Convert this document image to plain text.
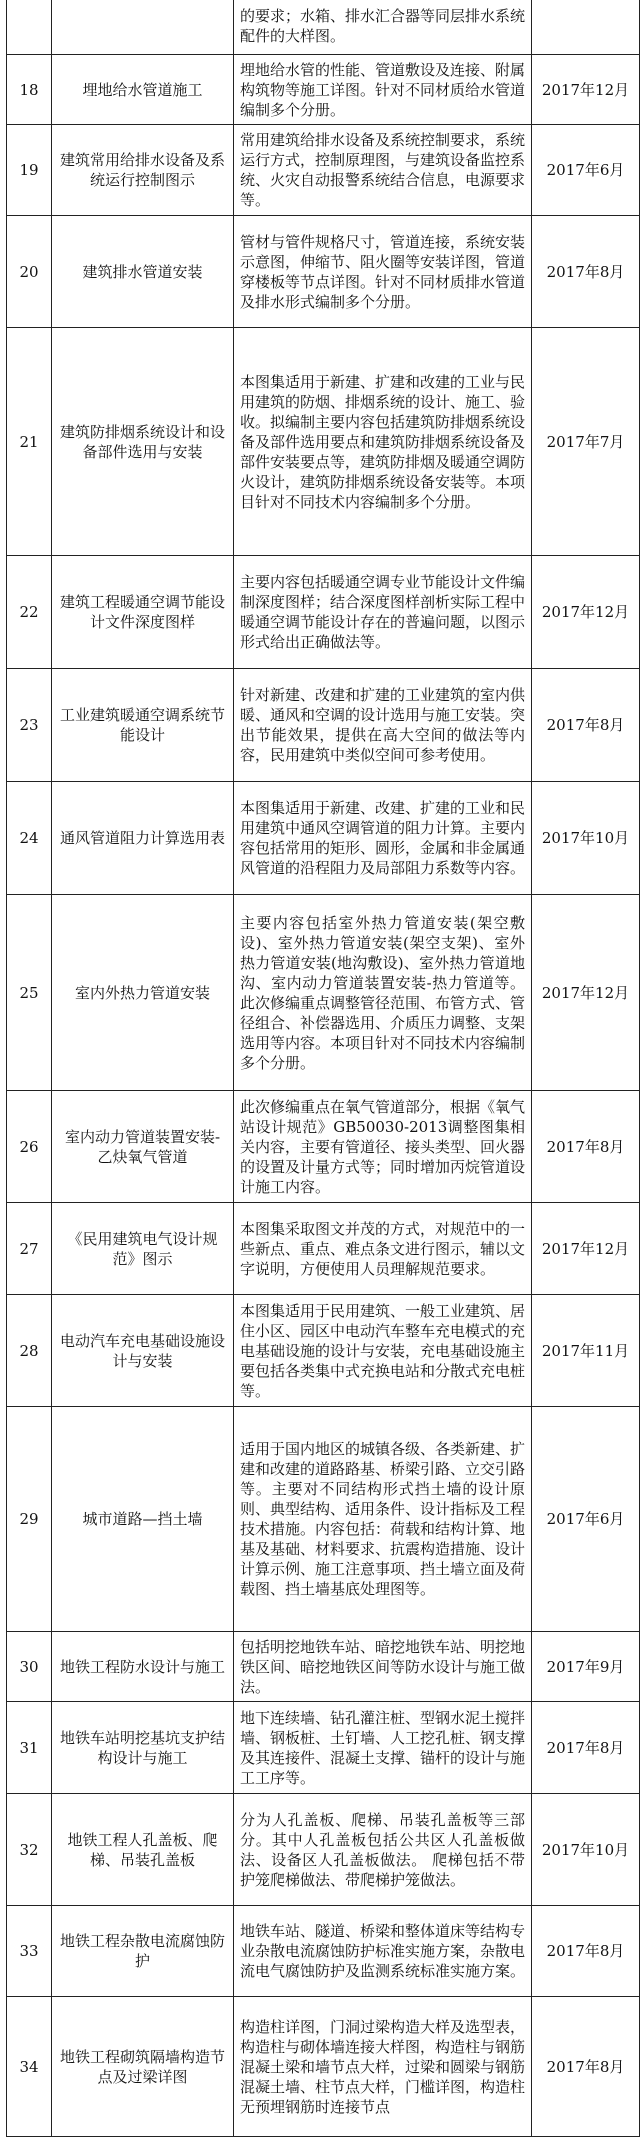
		的要求；水箱、排水汇合器等同层排水系统配件的大样图。	
18	埋地给水管道施工	埋地给水管的性能、管道敷设及连接、附属构筑物等施工详图。针对不同材质给水管道编制多个分册。	2017年12月
19	建筑常用给排水设备及系统运行控制图示	常用建筑给排水设备及系统控制要求，系统运行方式，控制原理图，与建筑设备监控系统、火灾自动报警系统结合信息，电源要求等。	2017年6月
20	建筑排水管道安装	管材与管件规格尺寸，管道连接，系统安装示意图，伸缩节、阻火圈等安装详图，管道穿楼板等节点详图。针对不同材质排水管道及排水形式编制多个分册。	2017年8月
21	建筑防排烟系统设计和设备部件选用与安装	本图集适用于新建、扩建和改建的工业与民用建筑的防烟、排烟系统的设计、施工、验收。拟编制主要内容包括建筑防排烟系统设备及部件选用要点和建筑防排烟系统设备及部件安装要点等，建筑防排烟及暖通空调防火设计，建筑防排烟系统设备安装等。本项目针对不同技术内容编制多个分册。	2017年7月
22	建筑工程暖通空调节能设计文件深度图样	主要内容包括暖通空调专业节能设计文件编制深度图样；结合深度图样剖析实际工程中暖通空调节能设计存在的普遍问题，以图示形式给出正确做法等。	2017年12月
23	工业建筑暖通空调系统节能设计	针对新建、改建和扩建的工业建筑的室内供暖、通风和空调的设计选用与施工安装。突出节能效果，提供在高大空间的做法等内容，民用建筑中类似空间可参考使用。	2017年8月
24	通风管道阻力计算选用表	本图集适用于新建、改建、扩建的工业和民用建筑中通风空调管道的阻力计算。主要内容包括常用的矩形、圆形，金属和非金属通风管道的沿程阻力及局部阻力系数等内容。	2017年10月
25	室内外热力管道安装	主要内容包括室外热力管道安装(架空敷设)、室外热力管道安装(架空支架)、室外热力管道安装(地沟敷设)、室外热力管道地沟、室内动力管道装置安装-热力管道等。此次修编重点调整管径范围、布管方式、管径组合、补偿器选用、介质压力调整、支架选用等内容。本项目针对不同技术内容编制多个分册。	2017年12月
26	室内动力管道装置安装-乙炔氧气管道	此次修编重点在氧气管道部分，根据《氧气站设计规范》GB50030-2013调整图集相关内容，主要有管道径、接头类型、回火器的设置及计量方式等；同时增加丙烷管道设计施工内容。	2017年8月
27	《民用建筑电气设计规范》图示	本图集采取图文并茂的方式，对规范中的一些新点、重点、难点条文进行图示，辅以文字说明，方便使用人员理解规范要求。	2017年12月
28	电动汽车充电基础设施设计与安装	本图集适用于民用建筑、一般工业建筑、居住小区、园区中电动汽车整车充电模式的充电基础设施的设计与安装，充电基础设施主要包括各类集中式充换电站和分散式充电桩等。	2017年11月
29	城市道路—挡土墙	适用于国内地区的城镇各级、各类新建、扩建和改建的道路路基、桥梁引路、立交引路等。主要对不同结构形式挡土墙的设计原则、典型结构、适用条件、设计指标及工程技术措施。内容包括：荷载和结构计算、地基及基础、材料要求、抗震构造措施、设计计算示例、施工注意事项、挡土墙立面及荷载图、挡土墙基底处理图等。	2017年6月
30	地铁工程防水设计与施工	包括明挖地铁车站、暗挖地铁车站、明挖地铁区间、暗挖地铁区间等防水设计与施工做法。	2017年9月
31	地铁车站明挖基坑支护结构设计与施工	地下连续墙、钻孔灌注桩、型钢水泥土搅拌墙、钢板桩、土钉墙、人工挖孔桩、钢支撑及其连接件、混凝土支撑、锚杆的设计与施工工序等。	2017年8月
32	地铁工程人孔盖板、爬梯、吊装孔盖板	分为人孔盖板、爬梯、吊装孔盖板等三部分。其中人孔盖板包括公共区人孔盖板做法、设备区人孔盖板做法。 爬梯包括不带护笼爬梯做法、带爬梯护笼做法。	2017年10月
33	地铁工程杂散电流腐蚀防护	地铁车站、隧道、桥梁和整体道床等结构专业杂散电流腐蚀防护标准实施方案，杂散电流电气腐蚀防护及监测系统标准实施方案。	2017年8月
34	地铁工程砌筑隔墙构造节点及过梁详图	构造柱详图，门洞过梁构造大样及选型表，构造柱与砌体墙连接大样图，构造柱与钢筋混凝土梁和墙节点大样，过梁和圆梁与钢筋混凝土墙、柱节点大样，门槛详图，构造柱无预埋钢筋时连接节点	2017年8月
